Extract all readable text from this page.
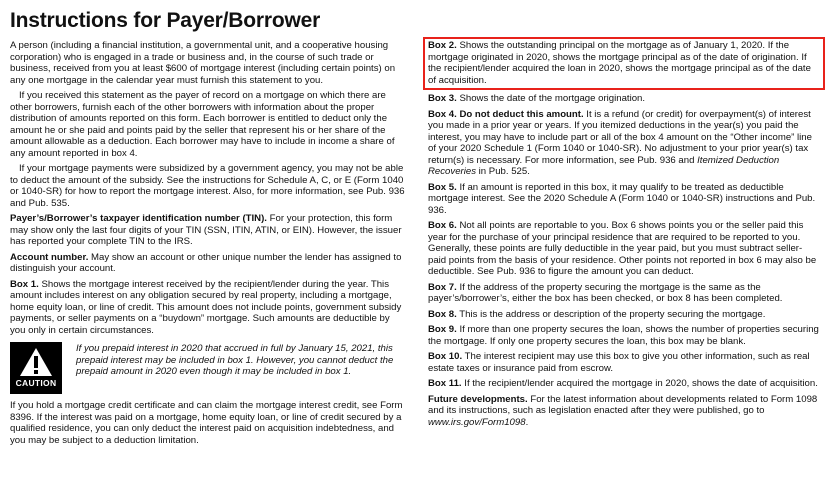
Instructions for Payer/Borrower

A person (including a financial institution, a governmental unit, and a cooperative housing corporation) who is engaged in a trade or business and, in the course of such trade or business, received from you at least $600 of mortgage interest (including certain points) on any one mortgage in the calendar year must furnish this statement to you.

If you received this statement as the payer of record on a mortgage on which there are other borrowers, furnish each of the other borrowers with information about the proper distribution of amounts reported on this form. Each borrower is entitled to deduct only the amount he or she paid and points paid by the seller that represent his or her share of the amount allowable as a deduction. Each borrower may have to include in income a share of any amount reported in box 4.

If your mortgage payments were subsidized by a government agency, you may not be able to deduct the amount of the subsidy. See the instructions for Schedule A, C, or E (Form 1040 or 1040-SR) for how to report the mortgage interest. Also, for more information, see Pub. 936 and Pub. 535.

Payer’s/Borrower’s taxpayer identification number (TIN). For your protection, this form may show only the last four digits of your TIN (SSN, ITIN, ATIN, or EIN). However, the issuer has reported your complete TIN to the IRS.

Account number. May show an account or other unique number the lender has assigned to distinguish your account.

Box 1. Shows the mortgage interest received by the recipient/lender during the year. This amount includes interest on any obligation secured by real property, including a mortgage, home equity loan, or line of credit. This amount does not include points, government subsidy payments, or seller payments on a “buydown” mortgage. Such amounts are deductible by you only in certain circumstances.

CAUTION
If you prepaid interest in 2020 that accrued in full by January 15, 2021, this prepaid interest may be included in box 1. However, you cannot deduct the prepaid amount in 2020 even though it may be included in box 1.

If you hold a mortgage credit certificate and can claim the mortgage interest credit, see Form 8396. If the interest was paid on a mortgage, home equity loan, or line of credit secured by a qualified residence, you can only deduct the interest paid on acquisition indebtedness, and you may be subject to a deduction limitation.

Box 2. Shows the outstanding principal on the mortgage as of January 1, 2020. If the mortgage originated in 2020, shows the mortgage principal as of the date of origination. If the recipient/lender acquired the loan in 2020, shows the mortgage principal as of the date of acquisition.

Box 3. Shows the date of the mortgage origination.

Box 4. Do not deduct this amount. It is a refund (or credit) for overpayment(s) of interest you made in a prior year or years. If you itemized deductions in the year(s) you paid the interest, you may have to include part or all of the box 4 amount on the “Other income” line of your 2020 Schedule 1 (Form 1040 or 1040-SR). No adjustment to your prior year(s) tax return(s) is necessary. For more information, see Pub. 936 and Itemized Deduction Recoveries in Pub. 525.

Box 5. If an amount is reported in this box, it may qualify to be treated as deductible mortgage interest. See the 2020 Schedule A (Form 1040 or 1040-SR) instructions and Pub. 936.

Box 6. Not all points are reportable to you. Box 6 shows points you or the seller paid this year for the purchase of your principal residence that are required to be reported to you. Generally, these points are fully deductible in the year paid, but you must subtract seller-paid points from the basis of your residence. Other points not reported in box 6 may also be deductible. See Pub. 936 to figure the amount you can deduct.

Box 7. If the address of the property securing the mortgage is the same as the payer’s/borrower’s, either the box has been checked, or box 8 has been completed.

Box 8. This is the address or description of the property securing the mortgage.

Box 9. If more than one property secures the loan, shows the number of properties securing the mortgage. If only one property secures the loan, this box may be blank.

Box 10. The interest recipient may use this box to give you other information, such as real estate taxes or insurance paid from escrow.

Box 11. If the recipient/lender acquired the mortgage in 2020, shows the date of acquisition.

Future developments. For the latest information about developments related to Form 1098 and its instructions, such as legislation enacted after they were published, go to www.irs.gov/Form1098.
